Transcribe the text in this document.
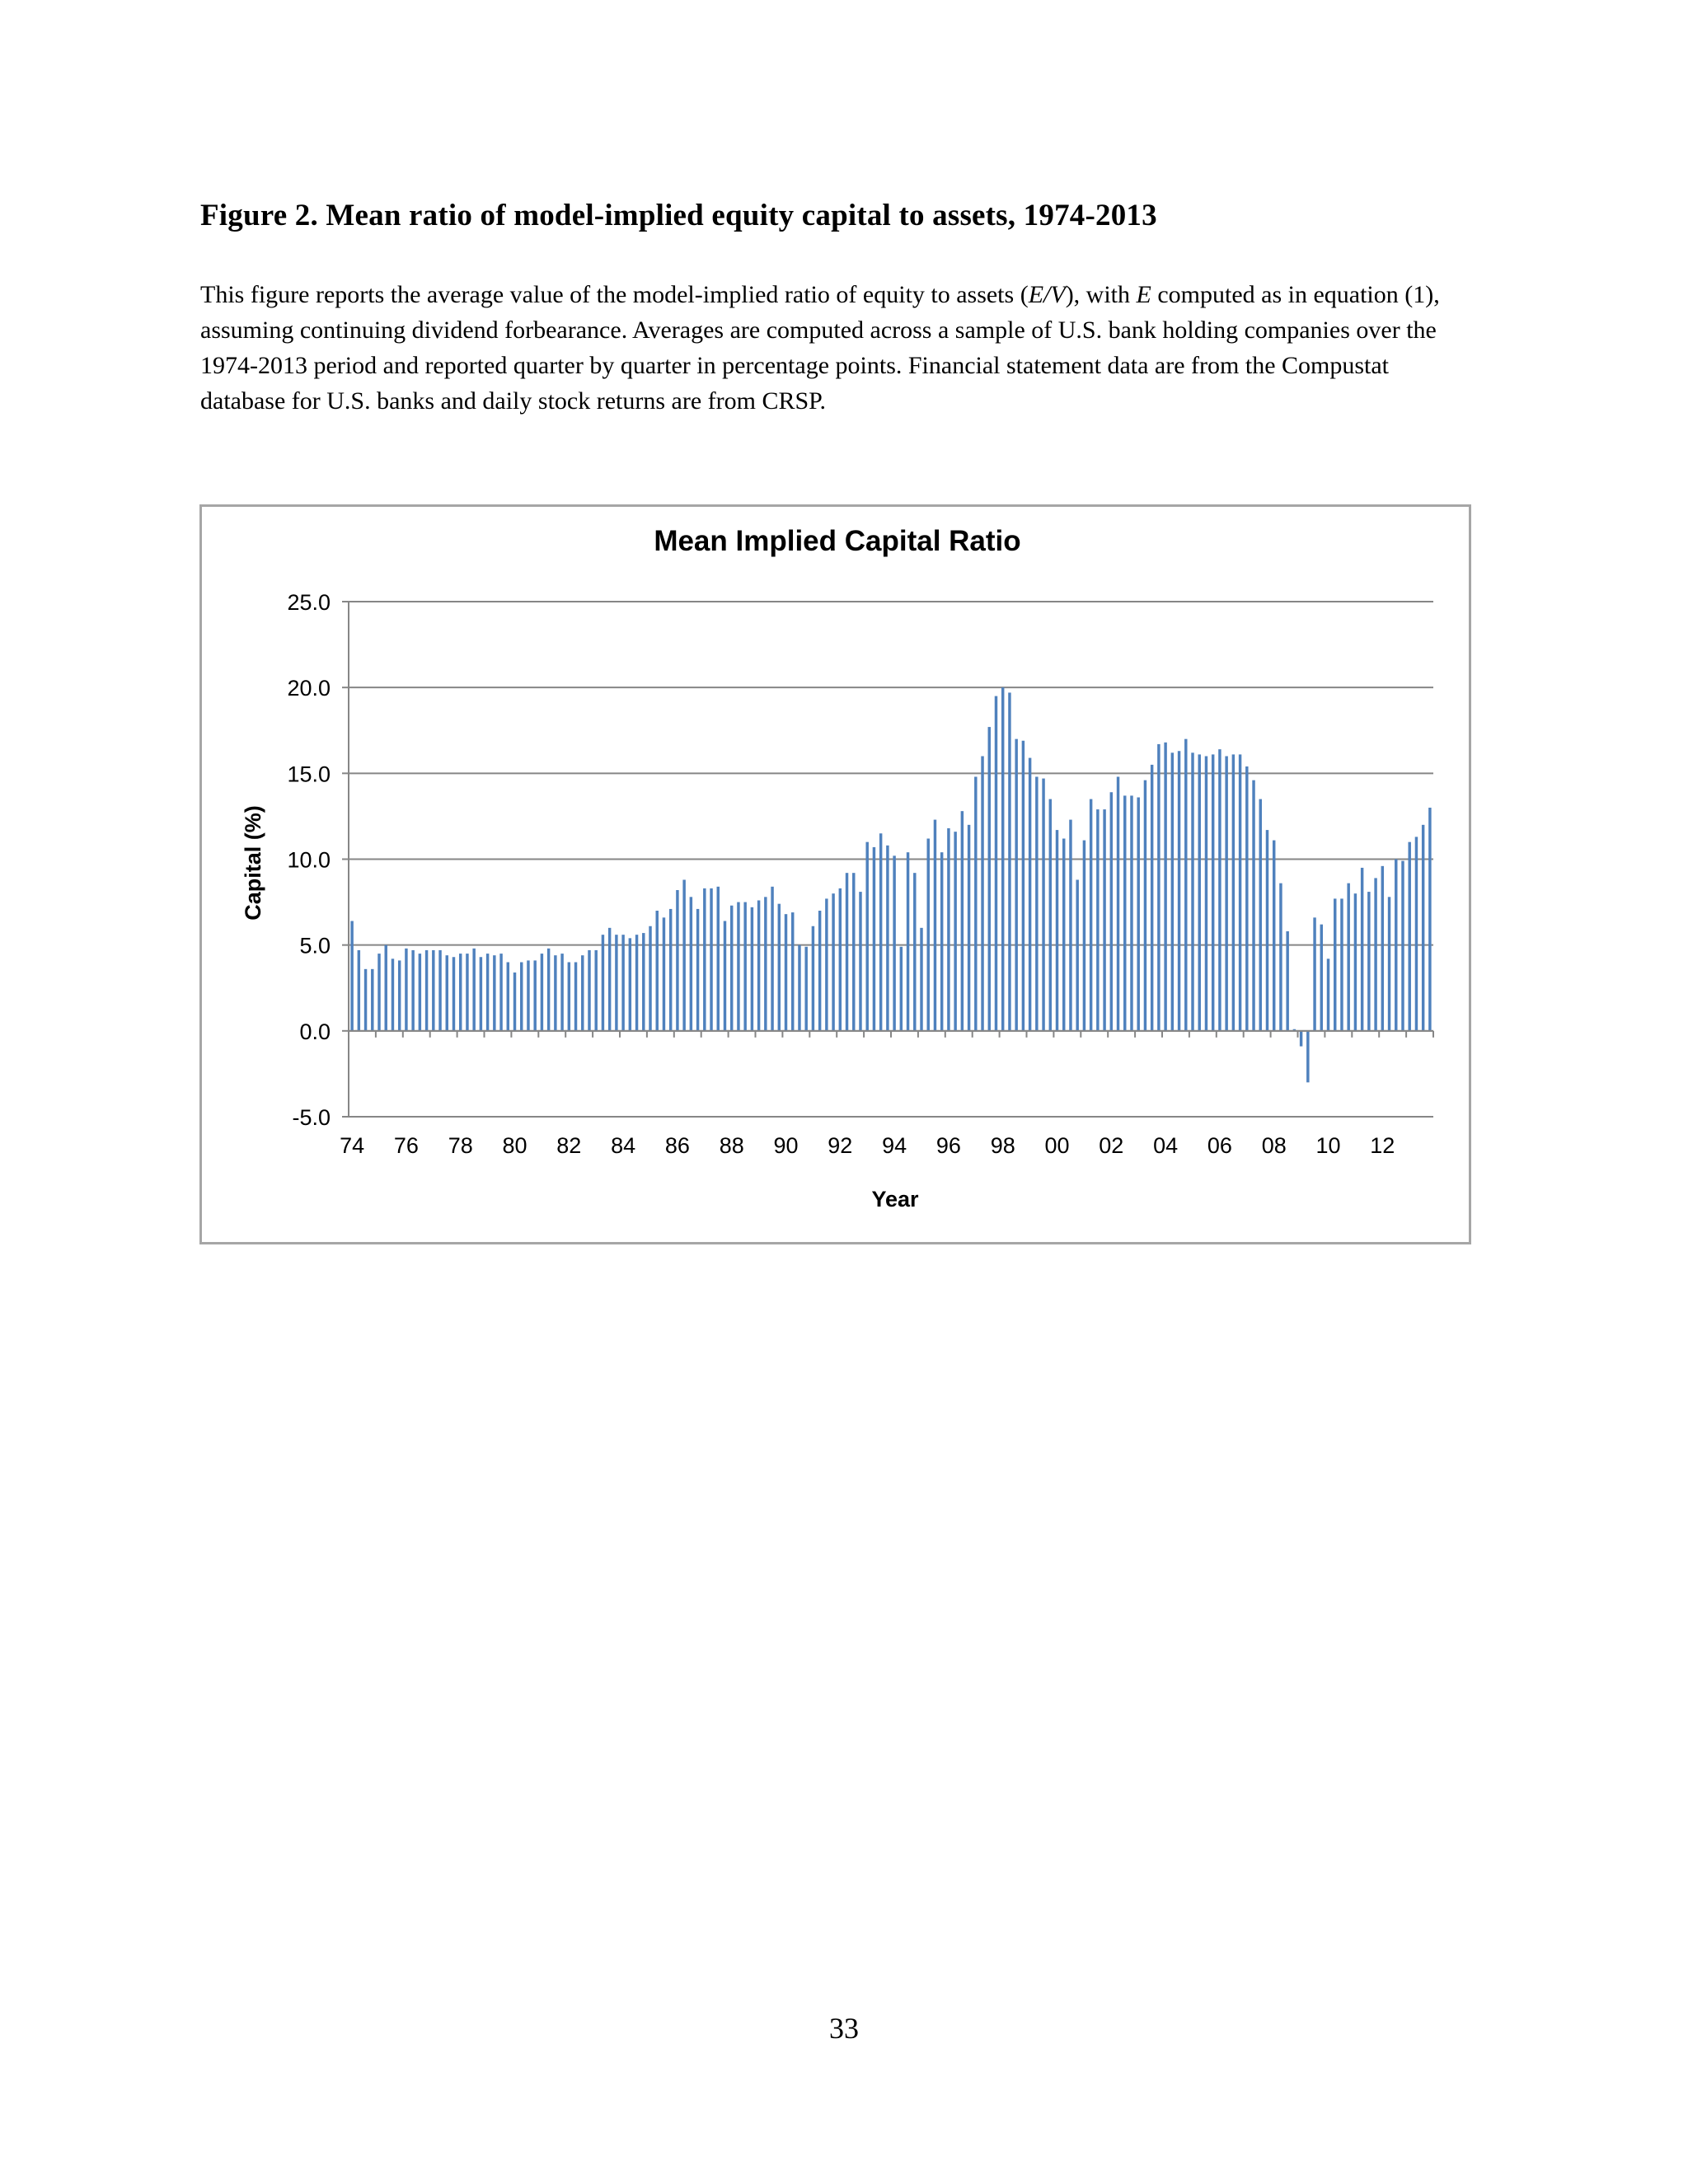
Figure 2. Mean ratio of model-implied equity capital to assets, 1974-2013

This figure reports the average value of the model-implied ratio of equity to assets (E/V), with E computed as in equation (1), assuming continuing dividend forbearance. Averages are computed across a sample of U.S. bank holding companies over the 1974-2013 period and reported quarter by quarter in percentage points. Financial statement data are from the Compustat database for U.S. banks and daily stock returns are from CRSP.

25.0
20.0
15.0
10.0
5.0
0.0
-5.0
74 76 78 80 82 84 86 88 90 92 94 96 98 00 02 04 06 08 10 12
Mean Implied Capital Ratio
Year
Capital (%)
33
